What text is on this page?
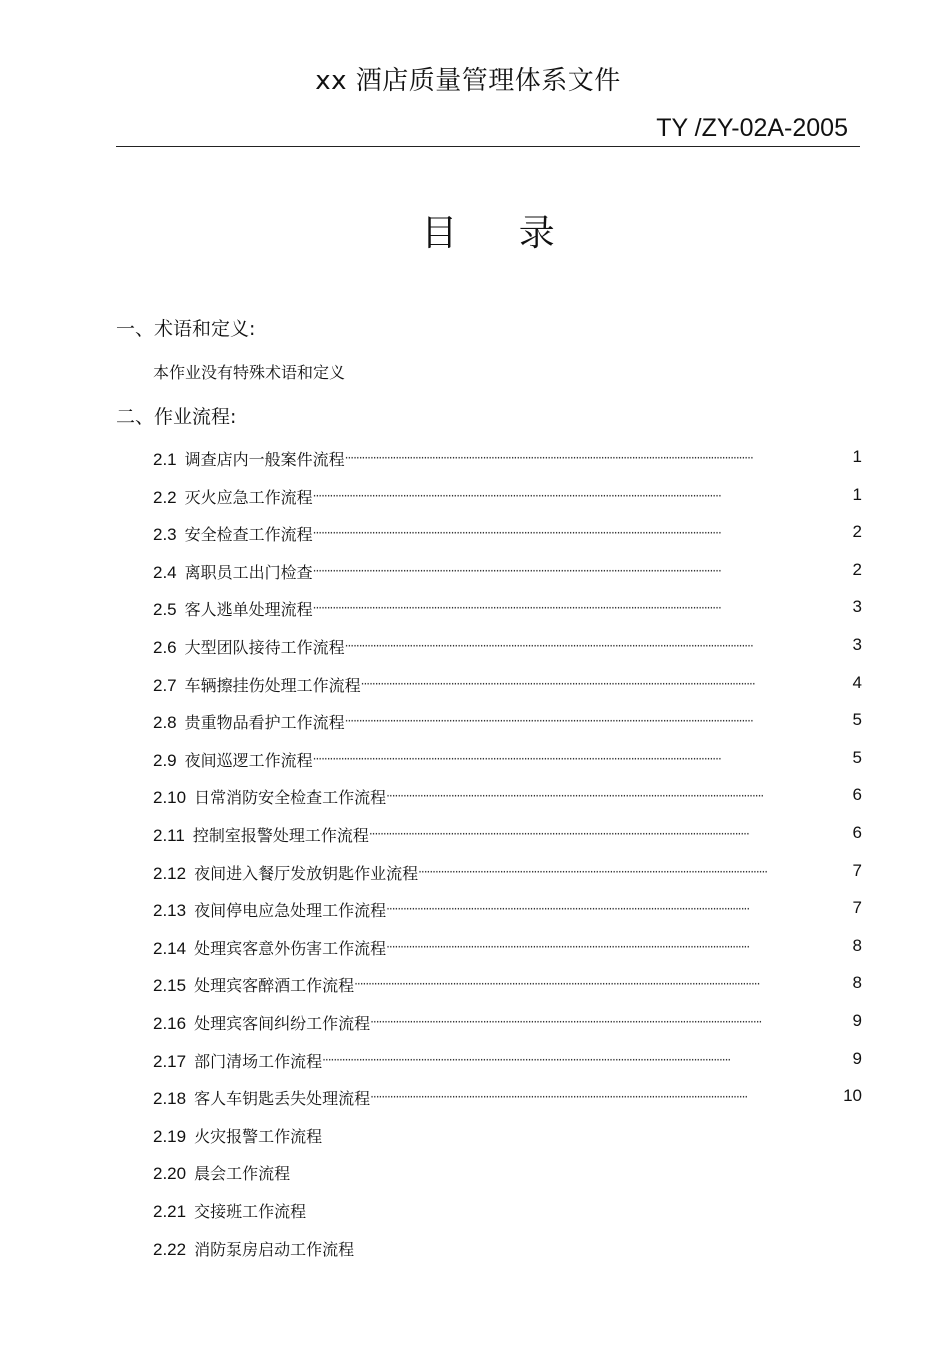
xx 酒店质量管理体系文件
TY /ZY-02A-2005
目 录
一、术语和定义:
本作业没有特殊术语和定义
二、作业流程:
2.1 调查店内一般案件流程·················································································································································	1
2.2 灭火应急工作流程·················································································································································	1
2.3 安全检查工作流程·················································································································································	2
2.4 离职员工出门检查·················································································································································	2
2.5 客人逃单处理流程·················································································································································	3
2.6 大型团队接待工作流程·················································································································································	3
2.7 车辆擦挂伤处理工作流程············································································································································	4
2.8 贵重物品看护工作流程·················································································································································	5
2.9 夜间巡逻工作流程·················································································································································	5
2.10 日常消防安全检查工作流程······································································································································	6
2.11 控制室报警处理工作流程·······································································································································	6
2.12 夜间进入餐厅发放钥匙作业流程····························································································································	7
2.13 夜间停电应急处理工作流程·································································································································	7
2.14 处理宾客意外伤害工作流程·································································································································	8
2.15 处理宾客醉酒工作流程················································································································································	8
2.16 处理宾客间纠纷工作流程···········································································································································	9
2.17 部门清场工作流程·················································································································································	9
2.18 客人车钥匙丢失处理流程······································································································································	10
2.19 火灾报警工作流程
2.20 晨会工作流程
2.21 交接班工作流程
2.22 消防泵房启动工作流程
